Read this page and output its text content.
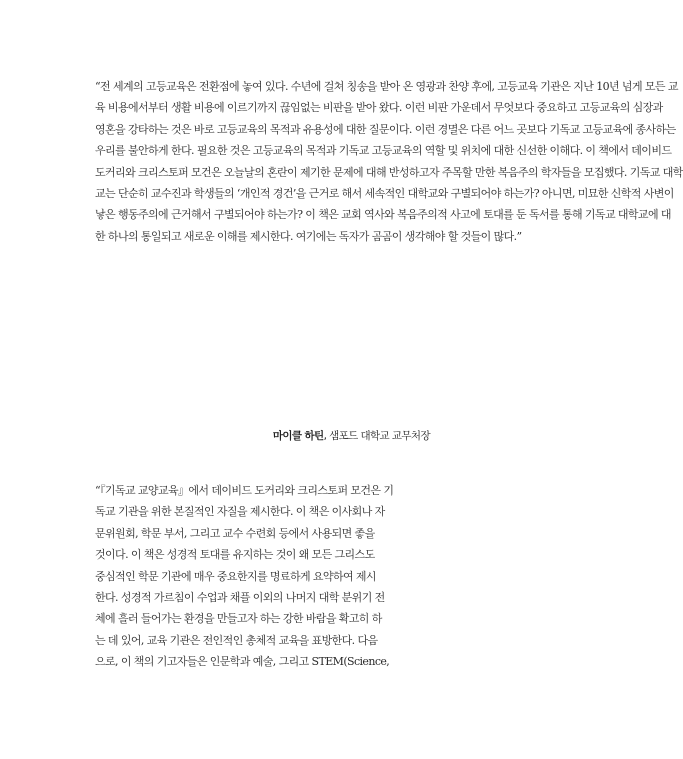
“전 세계의 고등교육은 전환점에 놓여 있다. 수년에 걸쳐 칭송을 받아 온 영광과 찬양 후에, 고등교육 기관은 지난 10년 넘게 모든 교
육 비용에서부터 생활 비용에 이르기까지 끊임없는 비판을 받아 왔다. 이런 비판 가운데서 무엇보다 중요하고 고등교육의 심장과
영혼을 강타하는 것은 바로 고등교육의 목적과 유용성에 대한 질문이다. 이런 경멸은 다른 어느 곳보다 기독교 고등교육에 종사하는
우리를 불안하게 한다. 필요한 것은 고등교육의 목적과 기독교 고등교육의 역할 및 위치에 대한 신선한 이해다. 이 책에서 데이비드
도커리와 크리스토퍼 모건은 오늘날의 혼란이 제기한 문제에 대해 반성하고자 주목할 만한 복음주의 학자들을 모집했다. 기독교 대학
교는 단순히 교수진과 학생들의 ‘개인적 경건’을 근거로 해서 세속적인 대학교와 구별되어야 하는가? 아니면, 미묘한 신학적 사변이
낳은 행동주의에 근거해서 구별되어야 하는가? 이 책은 교회 역사와 복음주의적 사고에 토대를 둔 독서를 통해 기독교 대학교에 대
한 하나의 통일되고 새로운 이해를 제시한다. 여기에는 독자가 곰곰이 생각해야 할 것들이 많다.”
마이클 하틴, 샘포드 대학교 교무처장
“『기독교 교양교육』에서 데이비드 도커리와 크리스토퍼 모건은 기
독교 기관을 위한 본질적인 자질을 제시한다. 이 책은 이사회나 자
문위원회, 학문 부서, 그리고 교수 수련회 등에서 사용되면 좋을
것이다. 이 책은 성경적 토대를 유지하는 것이 왜 모든 그리스도
중심적인 학문 기관에 매우 중요한지를 명료하게 요약하여 제시
한다. 성경적 가르침이 수업과 채플 이외의 나머지 대학 분위기 전
체에 흘러 들어가는 환경을 만들고자 하는 강한 바람을 확고히 하
는 데 있어, 교육 기관은 전인적인 총체적 교육을 표방한다. 다음
으로, 이 책의 기고자들은 인문학과 예술, 그리고 STEM(Science,
